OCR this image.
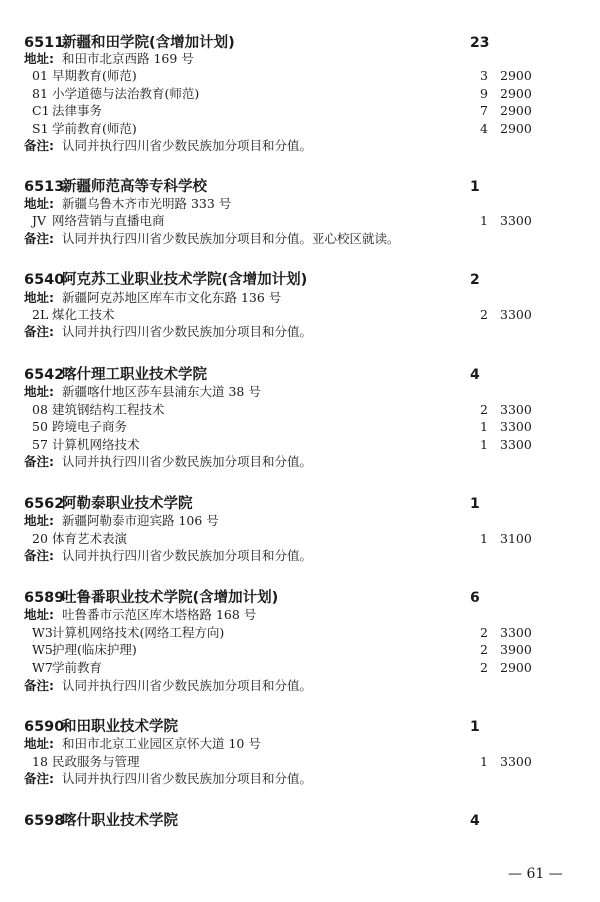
6511
新疆和田学院(含增加计划)	23
地址: 和田市北京西路 169 号
01 早期教育(师范)	3 2900
81 小学道德与法治教育(师范)	9 2900
C1 法律事务	7 2900
S1 学前教育(师范)	4 2900
备注: 认同并执行四川省少数民族加分项目和分值。
6513
新疆师范高等专科学校	1
地址: 新疆乌鲁木齐市光明路 333 号
JV 网络营销与直播电商	1 3300
备注: 认同并执行四川省少数民族加分项目和分值。亚心校区就读。
6540
阿克苏工业职业技术学院(含增加计划)	2
地址: 新疆阿克苏地区库车市文化东路 136 号
2L 煤化工技术	2 3300
备注: 认同并执行四川省少数民族加分项目和分值。
6542
喀什理工职业技术学院	4
地址: 新疆喀什地区莎车县浦东大道 38 号
08 建筑钢结构工程技术	2 3300
50 跨境电子商务	1 3300
57 计算机网络技术	1 3300
备注: 认同并执行四川省少数民族加分项目和分值。
6562
阿勒泰职业技术学院	1
地址: 新疆阿勒泰市迎宾路 106 号
20 体育艺术表演	1 3100
备注: 认同并执行四川省少数民族加分项目和分值。
6589
吐鲁番职业技术学院(含增加计划)	6
地址: 吐鲁番市示范区库木塔格路 168 号
W3 计算机网络技术(网络工程方向)	2 3300
W5 护理(临床护理)	2 3900
W7 学前教育	2 2900
备注: 认同并执行四川省少数民族加分项目和分值。
6590
和田职业技术学院	1
地址: 和田市北京工业园区京怀大道 10 号
18 民政服务与管理	1 3300
备注: 认同并执行四川省少数民族加分项目和分值。
6598
喀什职业技术学院	4
— 61 —
